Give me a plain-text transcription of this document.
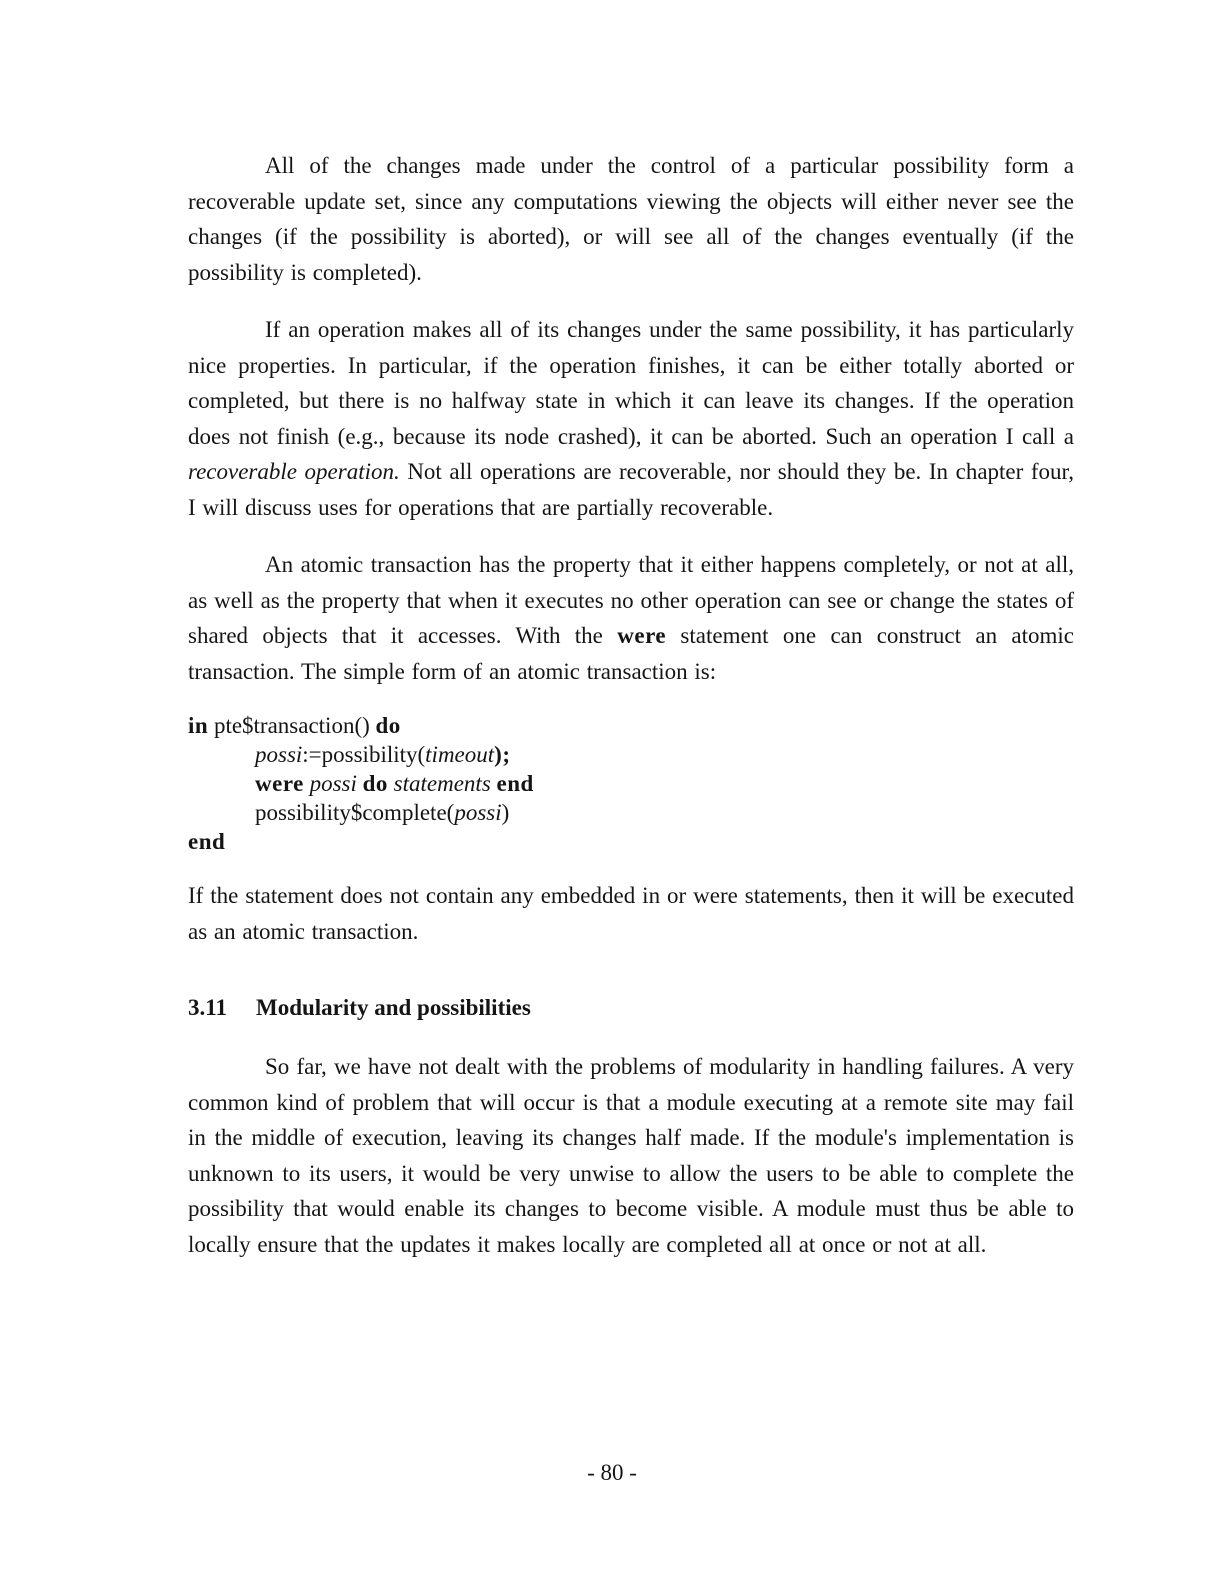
All of the changes made under the control of a particular possibility form a recoverable update set, since any computations viewing the objects will either never see the changes (if the possibility is aborted), or will see all of the changes eventually (if the possibility is completed).

If an operation makes all of its changes under the same possibility, it has particularly nice properties. In particular, if the operation finishes, it can be either totally aborted or completed, but there is no halfway state in which it can leave its changes. If the operation does not finish (e.g., because its node crashed), it can be aborted. Such an operation I call a recoverable operation. Not all operations are recoverable, nor should they be. In chapter four, I will discuss uses for operations that are partially recoverable.

An atomic transaction has the property that it either happens completely, or not at all, as well as the property that when it executes no other operation can see or change the states of shared objects that it accesses. With the were statement one can construct an atomic transaction. The simple form of an atomic transaction is:

in pte$transaction() do
possi:=possibility(timeout);
were possi do statements end
possibility$complete(possi)
end

If the statement does not contain any embedded in or were statements, then it will be executed as an atomic transaction.

3.11 Modularity and possibilities

So far, we have not dealt with the problems of modularity in handling failures. A very common kind of problem that will occur is that a module executing at a remote site may fail in the middle of execution, leaving its changes half made. If the module's implementation is unknown to its users, it would be very unwise to allow the users to be able to complete the possibility that would enable its changes to become visible. A module must thus be able to locally ensure that the updates it makes locally are completed all at once or not at all.

- 80 -
